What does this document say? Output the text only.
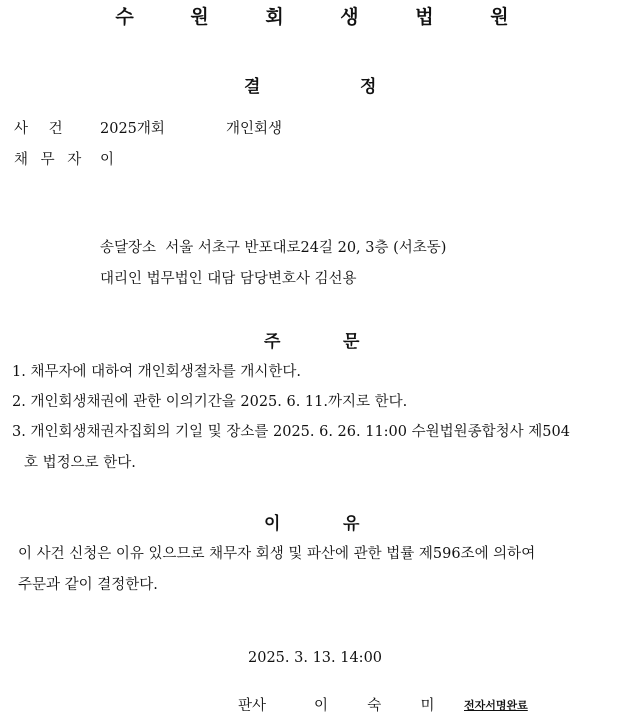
수 원 회 생 법 원
결	정
사 건 2025개회	개인회생
채 무 자 이
송달장소  서울 서초구 반포대로24길 20, 3층 (서초동)
대리인 법무법인 대담 담당변호사 김선용
주	문
1. 채무자에 대하여 개인회생절차를 개시한다.
2. 개인회생채권에 관한 이의기간을 2025. 6. 11.까지로 한다.
3. 개인회생채권자집회의 기일 및 장소를 2025. 6. 26. 11:00 수원법원종합청사 제504
호 법정으로 한다.
이	유
이 사건 신청은 이유 있으므로 채무자 회생 및 파산에 관한 법률 제596조에 의하여
주문과 같이 결정한다.
2025. 3. 13. 14:00
판사	이  숙  미 전자서명완료
